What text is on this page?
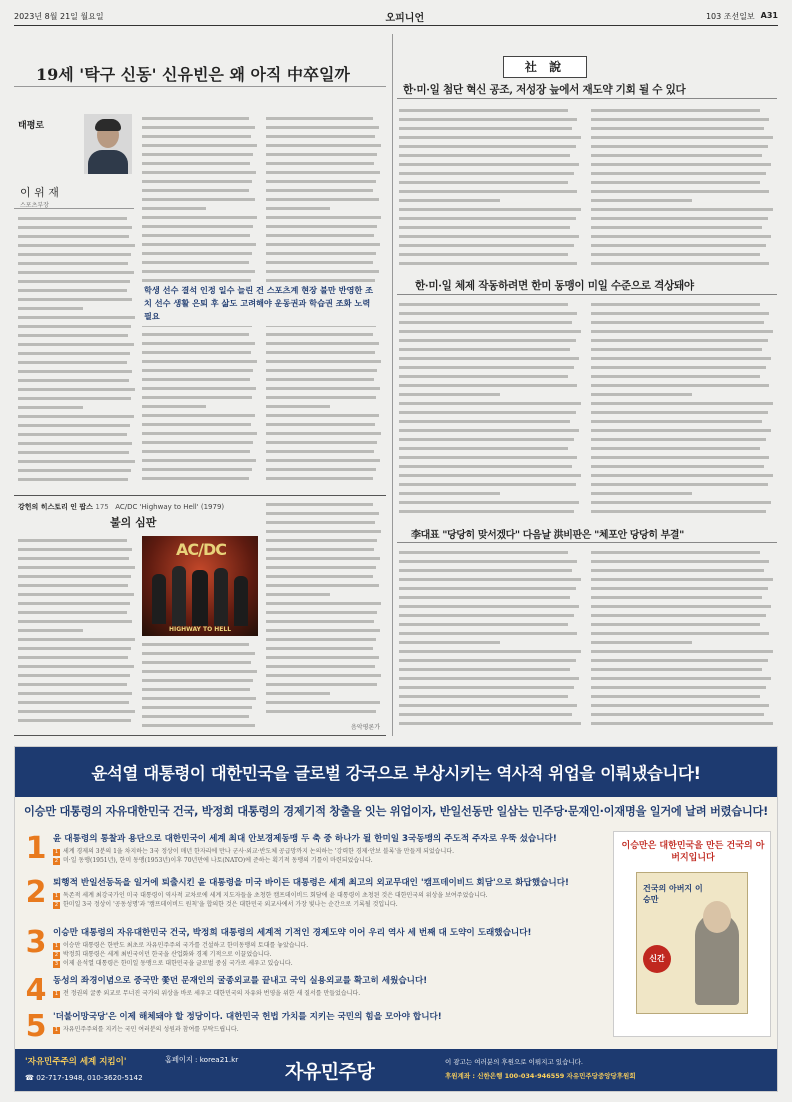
2023년 8월 21일 월요일	오피니언	103 조선일보 A31
19세 '탁구 신동' 신유빈은 왜 아직 中卒일까
태평로
이 위 재
스포츠부장
학생 선수 결석 인정 일수 늘린 건 스포츠계 현장 불만 반영한 조치 선수 생활 은퇴 후 삶도 고려해야 운동권과 학습권 조화 노력 필요
강헌의 히스토리 인 팝스 175 AC/DC 'Highway to Hell' (1979)
불의 심판
AC/DC
HIGHWAY TO HELL
음악평론가
社 說
한·미·일 첨단 혁신 공조, 저성장 늪에서 재도약 기회 될 수 있다
한·미·일 체제 작동하려면 한미 동맹이 미일 수준으로 격상돼야
李대표 "당당히 맞서겠다" 다음날 洪비판은 "체포안 당당히 부결"
윤석열 대통령이 대한민국을 글로벌 강국으로 부상시키는 역사적 위업을 이뤄냈습니다!
이승만 대통령의 자유대한민국 건국, 박정희 대통령의 경제기적 창출을 잇는 위업이자, 반일선동만 일삼는 민주당·문재인·이재명을 일거에 날려 버렸습니다!
1 윤 대통령의 통찰과 용단으로 대한민국이 세계 최대 안보경제동맹 두 축 중 하나가 될 한미일 3국동맹의 주도적 주자로 우뚝 섰습니다!
1 세계 경제의 3분의 1을 차지하는 3국 정상이 매년 한자리에 만나 군사·외교·반도체 공급망까지 논의하는 '강력한 경제·안보 블록'을 만들게 되었습니다.
2 미·일 동맹(1951년), 한미 동맹(1953년)이후 70년만에 나토(NATO)에 준하는 획기적 동맹의 기틀이 마련되었습니다.
2 퇴행적 반일선동독을 일거에 퇴출시킨 윤 대통령을 미국 바이든 대통령은 세계 최고의 외교무대인 '캠프데이비드 회담'으로 화답했습니다!
1 독존적 세계 최강국가인 미국 대통령이 역사적 교차로에 세계 지도자들을 초청한 캠프데이비드 회담에 윤 대통령이 초청된 것은 대한민국의 위상을 보여주었습니다.
2 한미일 3국 정상이 '공동성명'과 '캠프데이비드 원칙'을 합의한 것은 대한민국 외교사에서 가장 빛나는 순간으로 기록될 것입니다.
3 이승만 대통령의 자유대한민국 건국, 박정희 대통령의 세계적 기적인 경제도약 이어 우리 역사 세 번째 대 도약이 도래했습니다!
1 이승만 대통령은 한반도 최초로 자유민주주의 국가를 건설하고 한미동맹의 토대를 놓았습니다.
2 박정희 대통령은 세계 최빈국이던 한국을 산업화와 경제 기적으로 이끌었습니다.
3 이제 윤석열 대통령은 한미일 동맹으로 대한민국을 글로벌 중심 국가로 세우고 있습니다.
4 동성의 좌경이념으로 중국만 쫓던 문재인의 굴종외교를 끝내고 국익 실용외교를 확고히 세웠습니다!
1 전 정권의 굴종 외교로 무너진 국가의 위상을 바로 세우고 대한민국의 자유와 번영을 위한 새 질서를 만들었습니다.
5 '더불어망국당'은 이제 해체돼야 할 정당이다. 대한민국 헌법 가치를 지키는 국민의 힘을 모아야 합니다!
1 자유민주주의를 지키는 국민 여러분의 성원과 참여를 부탁드립니다.
이승만은 대한민국을 만든 건국의 아버지입니다
건국의 아버지 이승만
신간
'자유민주주의 세계 지킴이'	홈페이지 : korea21.kr
☎ 02-717-1948, 010-3620-5142	자유민주당	이 광고는 여러분의 후원으로 이뤄지고 있습니다.
후원계좌 : 신한은행 100-034-946559 자유민주당중앙당후원회
